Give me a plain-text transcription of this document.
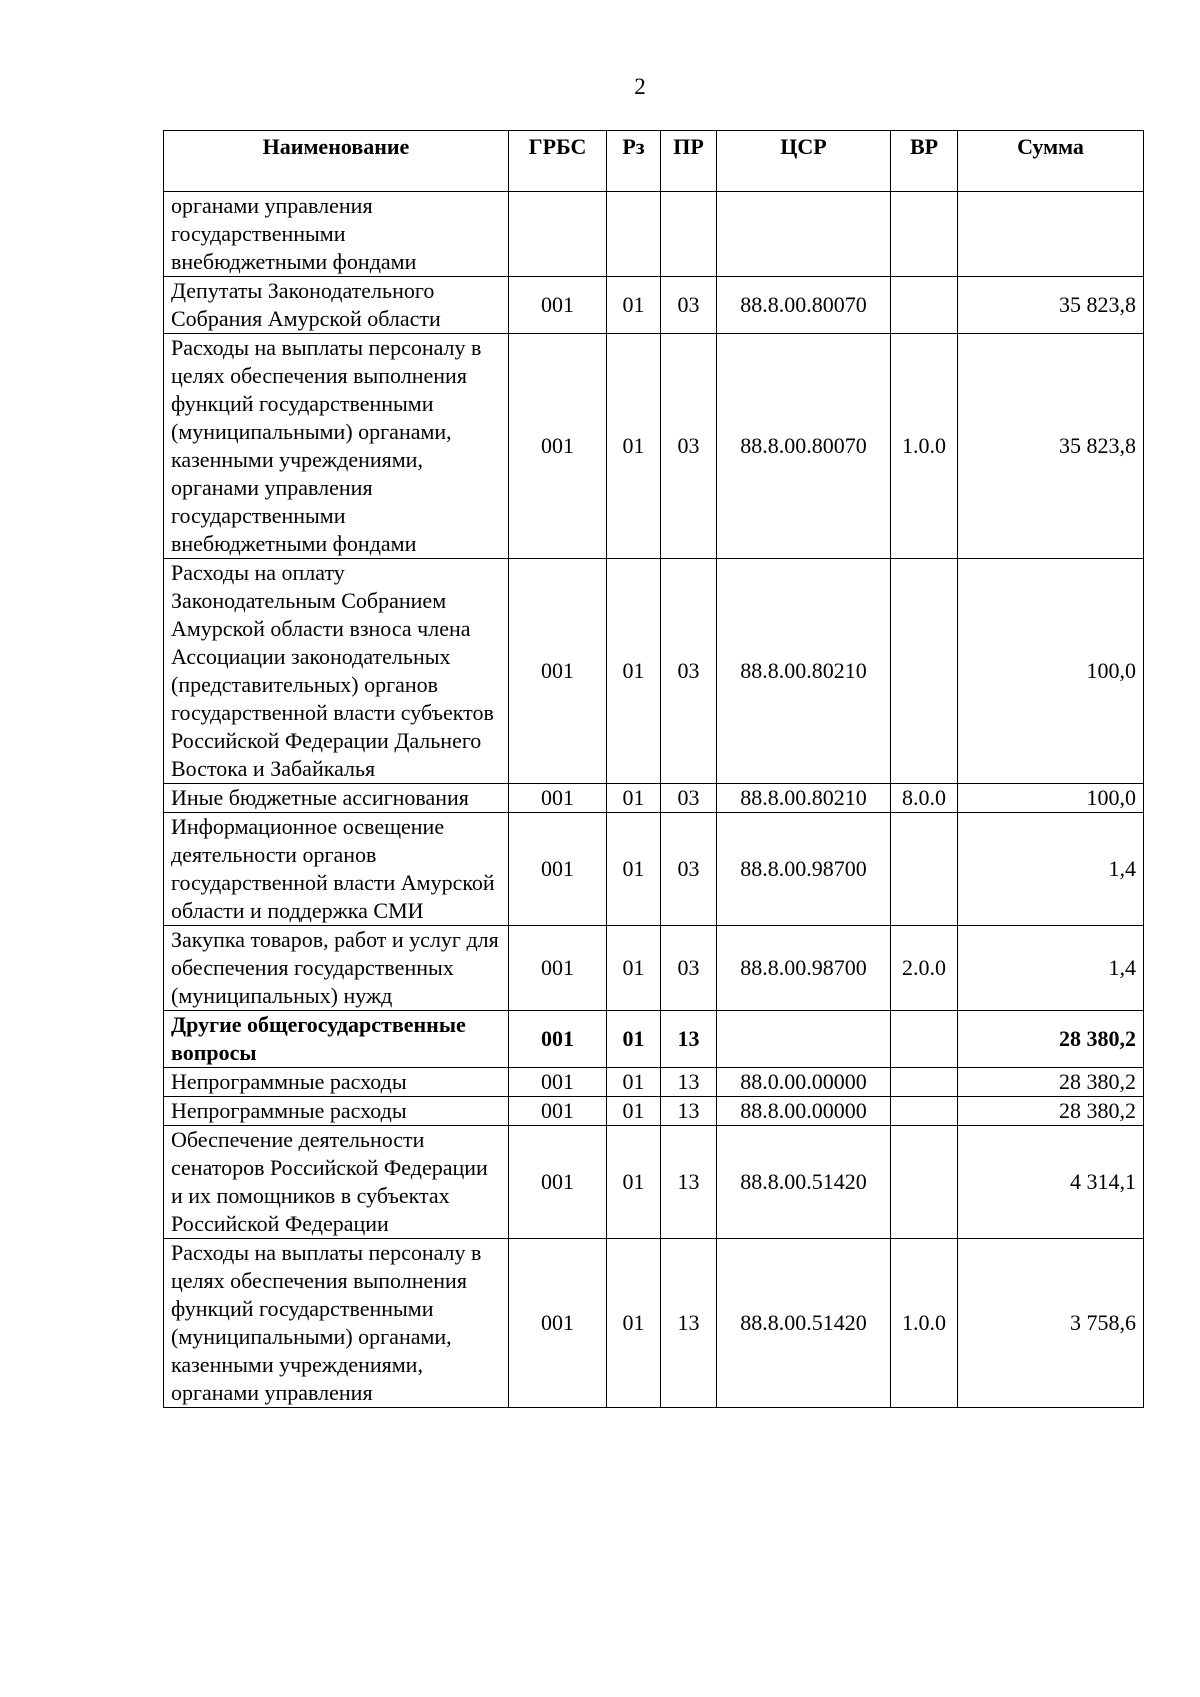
2
Наименование	ГРБС	Рз	ПР	ЦСР	ВР	Сумма
органами управления государственными внебюджетными фондами						
Депутаты Законодательного Собрания Амурской области	001	01	03	88.8.00.80070		35 823,8
Расходы на выплаты персоналу в целях обеспечения выполнения функций государственными (муниципальными) органами, казенными учреждениями, органами управления государственными внебюджетными фондами	001	01	03	88.8.00.80070	1.0.0	35 823,8
Расходы на оплату Законодательным Собранием Амурской области взноса члена Ассоциации законодательных (представительных) органов государственной власти субъектов Российской Федерации Дальнего Востока и Забайкалья	001	01	03	88.8.00.80210		100,0
Иные бюджетные ассигнования	001	01	03	88.8.00.80210	8.0.0	100,0
Информационное освещение деятельности органов государственной власти Амурской области и поддержка СМИ	001	01	03	88.8.00.98700		1,4
Закупка товаров, работ и услуг для обеспечения государственных (муниципальных) нужд	001	01	03	88.8.00.98700	2.0.0	1,4
Другие общегосударственные вопросы	001	01	13			28 380,2
Непрограммные расходы	001	01	13	88.0.00.00000		28 380,2
Непрограммные расходы	001	01	13	88.8.00.00000		28 380,2
Обеспечение деятельности сенаторов Российской Федерации и их помощников в субъектах Российской Федерации	001	01	13	88.8.00.51420		4 314,1
Расходы на выплаты персоналу в целях обеспечения выполнения функций государственными (муниципальными) органами, казенными учреждениями, органами управления	001	01	13	88.8.00.51420	1.0.0	3 758,6
